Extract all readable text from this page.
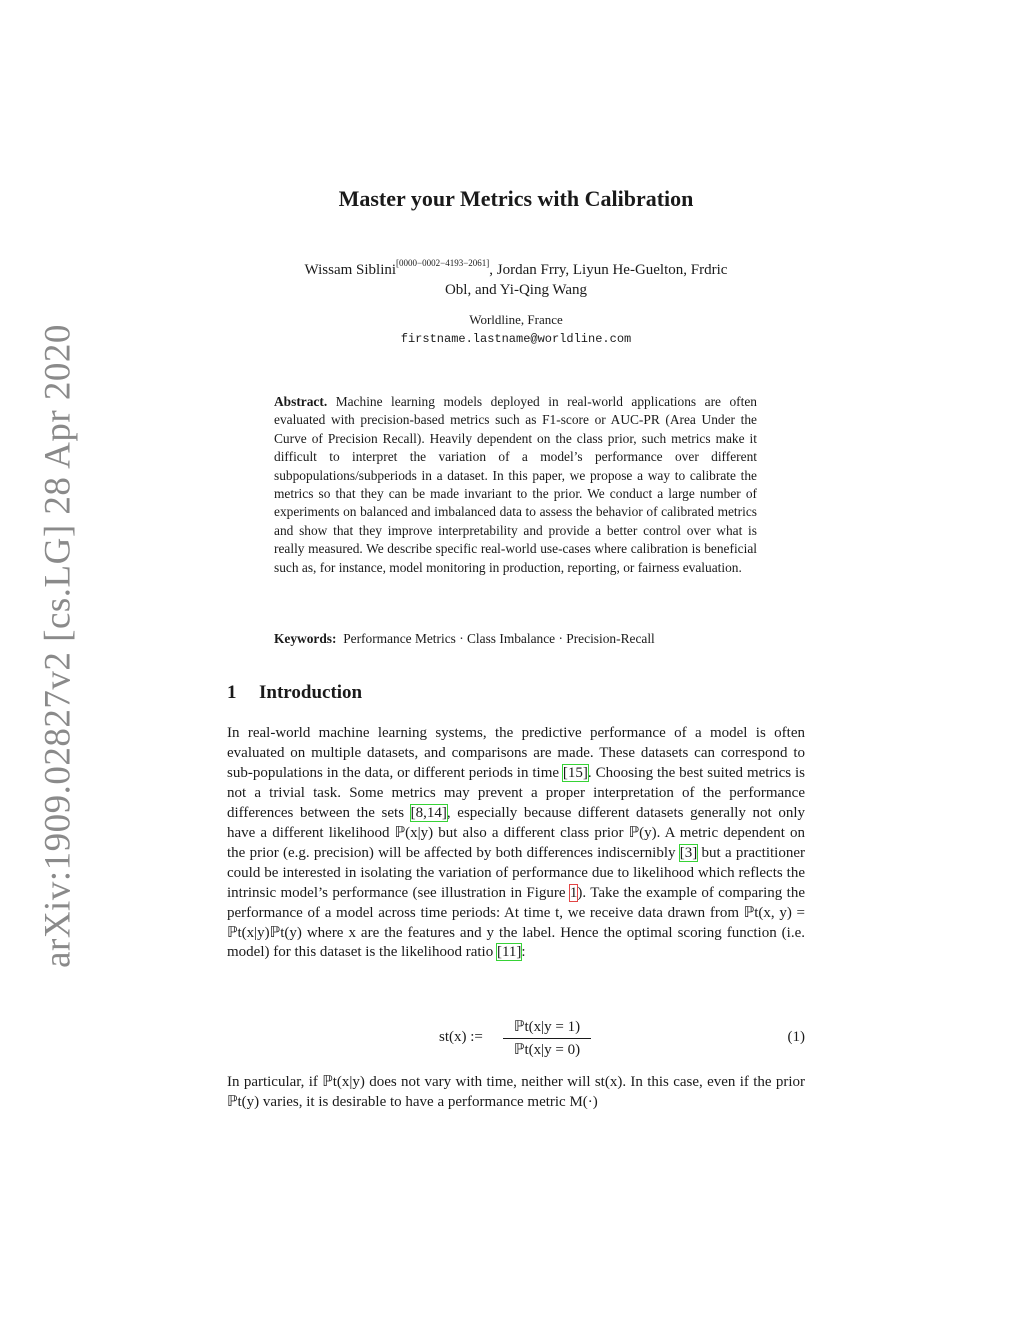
arXiv:1909.02827v2 [cs.LG] 28 Apr 2020
Master your Metrics with Calibration
Wissam Siblini[0000−0002−4193−2061], Jordan Frry, Liyun He-Guelton, Frdric
Obl, and Yi-Qing Wang
Worldline, France
firstname.lastname@worldline.com
Abstract. Machine learning models deployed in real-world applications are often evaluated with precision-based metrics such as F1-score or AUC-PR (Area Under the Curve of Precision Recall). Heavily dependent on the class prior, such metrics make it difficult to interpret the variation of a model’s performance over different subpopulations/subperiods in a dataset. In this paper, we propose a way to calibrate the metrics so that they can be made invariant to the prior. We conduct a large number of experiments on balanced and imbalanced data to assess the behavior of calibrated metrics and show that they improve interpretability and provide a better control over what is really measured. We describe specific real-world use-cases where calibration is beneficial such as, for instance, model monitoring in production, reporting, or fairness evaluation.
Keywords: Performance Metrics · Class Imbalance · Precision-Recall
1 Introduction
In real-world machine learning systems, the predictive performance of a model is often evaluated on multiple datasets, and comparisons are made. These datasets can correspond to sub-populations in the data, or different periods in time [15]. Choosing the best suited metrics is not a trivial task. Some metrics may prevent a proper interpretation of the performance differences between the sets [8,14], especially because different datasets generally not only have a different likelihood ℙ(x|y) but also a different class prior ℙ(y). A metric dependent on the prior (e.g. precision) will be affected by both differences indiscernibly [3] but a practitioner could be interested in isolating the variation of performance due to likelihood which reflects the intrinsic model’s performance (see illustration in Figure 1). Take the example of comparing the performance of a model across time periods: At time t, we receive data drawn from ℙt(x, y) = ℙt(x|y)ℙt(y) where x are the features and y the label. Hence the optimal scoring function (i.e. model) for this dataset is the likelihood ratio [11]:
st(x) :=
ℙt(x|y = 1)
ℙt(x|y = 0)
(1)
In particular, if ℙt(x|y) does not vary with time, neither will st(x). In this case, even if the prior ℙt(y) varies, it is desirable to have a performance metric M(·)
